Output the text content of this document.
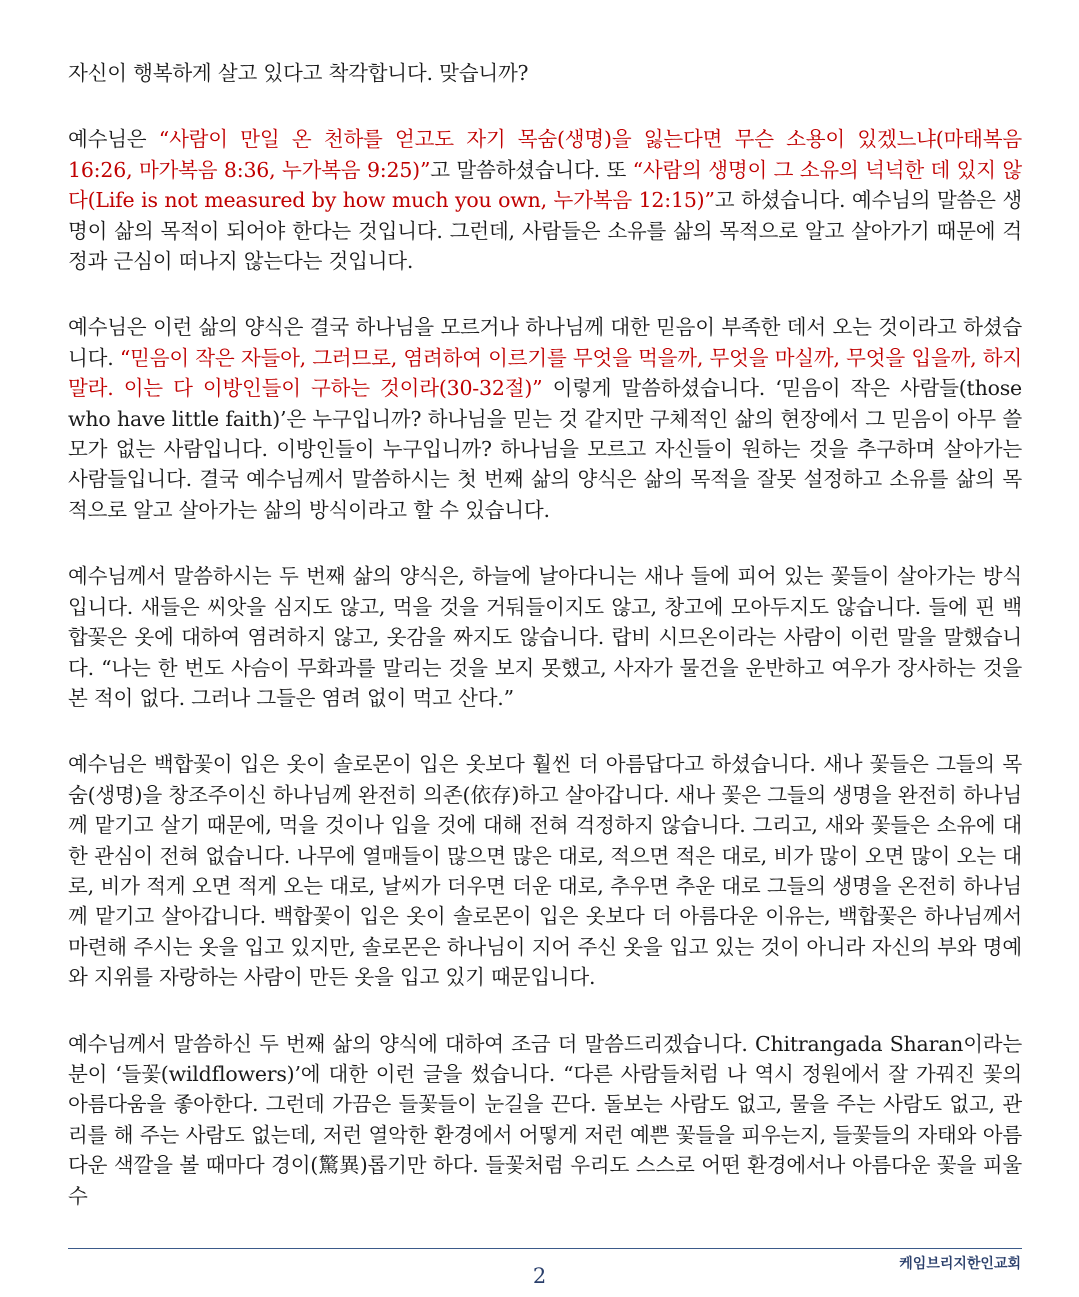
자신이 행복하게 살고 있다고 착각합니다. 맞습니까?

예수님은 “사람이 만일 온 천하를 얻고도 자기 목숨(생명)을 잃는다면 무슨 소용이 있겠느냐(마태복음 16:26, 마가복음 8:36, 누가복음 9:25)”고 말씀하셨습니다. 또 “사람의 생명이 그 소유의 넉넉한 데 있지 않다(Life is not measured by how much you own, 누가복음 12:15)”고 하셨습니다. 예수님의 말씀은 생명이 삶의 목적이 되어야 한다는 것입니다. 그런데, 사람들은 소유를 삶의 목적으로 알고 살아가기 때문에 걱정과 근심이 떠나지 않는다는 것입니다.

예수님은 이런 삶의 양식은 결국 하나님을 모르거나 하나님께 대한 믿음이 부족한 데서 오는 것이라고 하셨습니다. “믿음이 작은 자들아, 그러므로, 염려하여 이르기를 무엇을 먹을까, 무엇을 마실까, 무엇을 입을까, 하지 말라. 이는 다 이방인들이 구하는 것이라(30-32절)” 이렇게 말씀하셨습니다. ‘믿음이 작은 사람들(those who have little faith)’은 누구입니까? 하나님을 믿는 것 같지만 구체적인 삶의 현장에서 그 믿음이 아무 쓸모가 없는 사람입니다. 이방인들이 누구입니까? 하나님을 모르고 자신들이 원하는 것을 추구하며 살아가는 사람들입니다. 결국 예수님께서 말씀하시는 첫 번째 삶의 양식은 삶의 목적을 잘못 설정하고 소유를 삶의 목적으로 알고 살아가는 삶의 방식이라고 할 수 있습니다.

예수님께서 말씀하시는 두 번째 삶의 양식은, 하늘에 날아다니는 새나 들에 피어 있는 꽃들이 살아가는 방식입니다. 새들은 씨앗을 심지도 않고, 먹을 것을 거둬들이지도 않고, 창고에 모아두지도 않습니다. 들에 핀 백합꽃은 옷에 대하여 염려하지 않고, 옷감을 짜지도 않습니다. 랍비 시므온이라는 사람이 이런 말을 말했습니다. “나는 한 번도 사슴이 무화과를 말리는 것을 보지 못했고, 사자가 물건을 운반하고 여우가 장사하는 것을 본 적이 없다. 그러나 그들은 염려 없이 먹고 산다.”

예수님은 백합꽃이 입은 옷이 솔로몬이 입은 옷보다 훨씬 더 아름답다고 하셨습니다. 새나 꽃들은 그들의 목숨(생명)을 창조주이신 하나님께 완전히 의존(依存)하고 살아갑니다. 새나 꽃은 그들의 생명을 완전히 하나님께 맡기고 살기 때문에, 먹을 것이나 입을 것에 대해 전혀 걱정하지 않습니다. 그리고, 새와 꽃들은 소유에 대한 관심이 전혀 없습니다. 나무에 열매들이 많으면 많은 대로, 적으면 적은 대로, 비가 많이 오면 많이 오는 대로, 비가 적게 오면 적게 오는 대로, 날씨가 더우면 더운 대로, 추우면 추운 대로 그들의 생명을 온전히 하나님께 맡기고 살아갑니다. 백합꽃이 입은 옷이 솔로몬이 입은 옷보다 더 아름다운 이유는, 백합꽃은 하나님께서 마련해 주시는 옷을 입고 있지만, 솔로몬은 하나님이 지어 주신 옷을 입고 있는 것이 아니라 자신의 부와 명예와 지위를 자랑하는 사람이 만든 옷을 입고 있기 때문입니다.

예수님께서 말씀하신 두 번째 삶의 양식에 대하여 조금 더 말씀드리겠습니다. Chitrangada Sharan이라는 분이 ‘들꽃(wildflowers)’에 대한 이런 글을 썼습니다. “다른 사람들처럼 나 역시 정원에서 잘 가꿔진 꽃의 아름다움을 좋아한다. 그런데 가끔은 들꽃들이 눈길을 끈다. 돌보는 사람도 없고, 물을 주는 사람도 없고, 관리를 해 주는 사람도 없는데, 저런 열악한 환경에서 어떻게 저런 예쁜 꽃들을 피우는지, 들꽃들의 자태와 아름다운 색깔을 볼 때마다 경이(驚異)롭기만 하다. 들꽃처럼 우리도 스스로 어떤 환경에서나 아름다운 꽃을 피울 수

케임브리지한인교회
2
